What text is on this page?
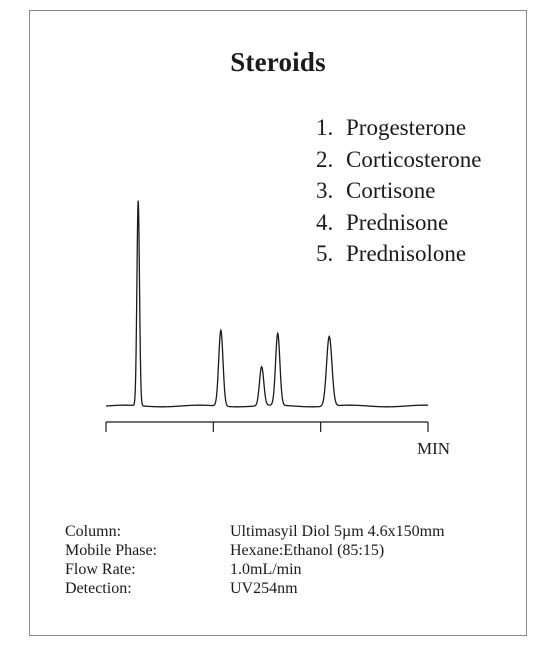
Steroids
1. Progesterone
2. Corticosterone
3. Cortisone
4. Prednisone
5. Prednisolone
MIN
Column:	Ultimasyil Diol 5µm 4.6x150mm
Mobile Phase:	Hexane:Ethanol (85:15)
Flow Rate:	1.0mL/min
Detection:	UV254nm
